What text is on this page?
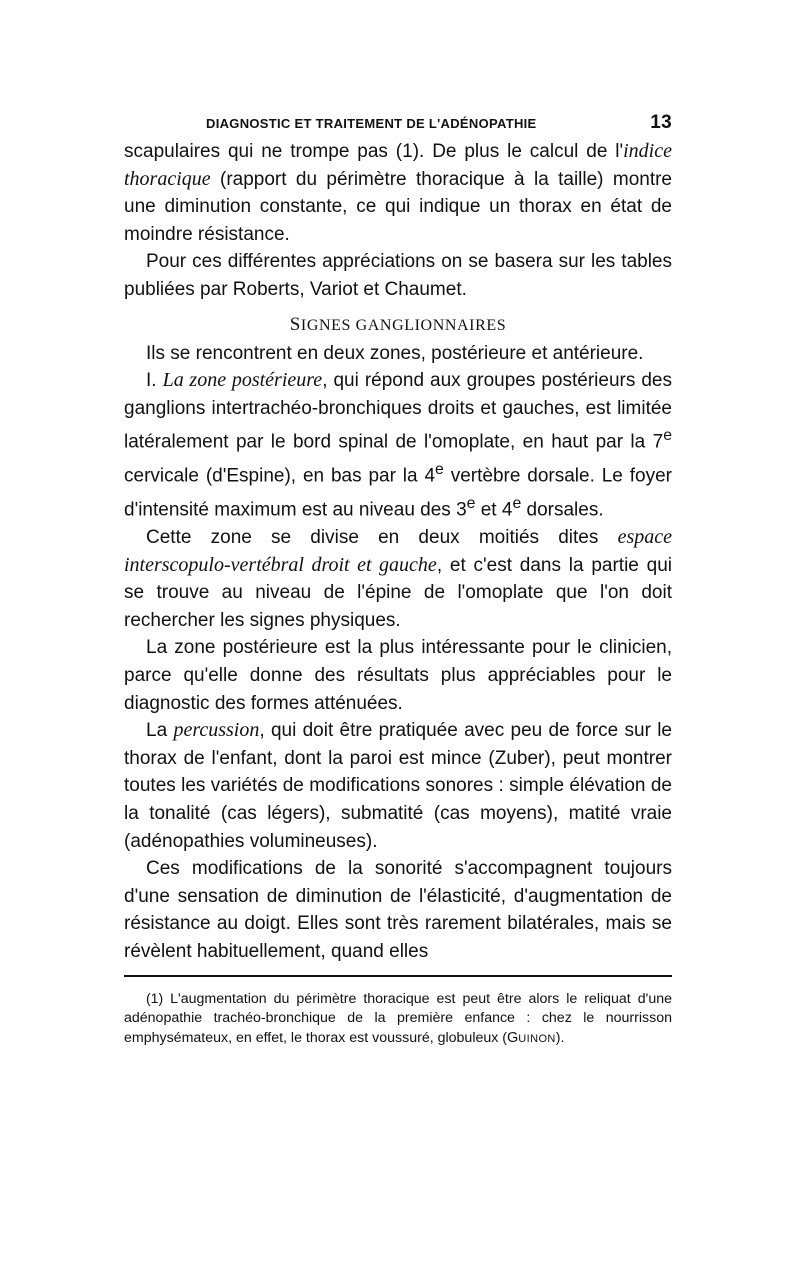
DIAGNOSTIC ET TRAITEMENT DE L'ADÉNOPATHIE	13

scapulaires qui ne trompe pas (1). De plus le calcul de l'indice thoracique (rapport du périmètre thoracique à la taille) montre une diminution constante, ce qui indique un thorax en état de moindre résistance.

Pour ces différentes appréciations on se basera sur les tables publiées par Roberts, Variot et Chaumet.

SIGNES GANGLIONNAIRES

Ils se rencontrent en deux zones, postérieure et antérieure.

I. La zone postérieure, qui répond aux groupes postérieurs des ganglions intertrachéo-bronchiques droits et gauches, est limitée latéralement par le bord spinal de l'omoplate, en haut par la 7e cervicale (d'Espine), en bas par la 4e vertèbre dorsale. Le foyer d'intensité maximum est au niveau des 3e et 4e dorsales.

Cette zone se divise en deux moitiés dites espace interscopulo-vertébral droit et gauche, et c'est dans la partie qui se trouve au niveau de l'épine de l'omoplate que l'on doit rechercher les signes physiques.

La zone postérieure est la plus intéressante pour le clinicien, parce qu'elle donne des résultats plus appréciables pour le diagnostic des formes atténuées.

La percussion, qui doit être pratiquée avec peu de force sur le thorax de l'enfant, dont la paroi est mince (Zuber), peut montrer toutes les variétés de modifications sonores : simple élévation de la tonalité (cas légers), submatité (cas moyens), matité vraie (adénopathies volumineuses).

Ces modifications de la sonorité s'accompagnent toujours d'une sensation de diminution de l'élasticité, d'augmentation de résistance au doigt. Elles sont très rarement bilatérales, mais se révèlent habituellement, quand elles

(1) L'augmentation du périmètre thoracique est peut être alors le reliquat d'une adénopathie trachéo-bronchique de la première enfance : chez le nourrisson emphysémateux, en effet, le thorax est voussuré, globuleux (GUINON).
